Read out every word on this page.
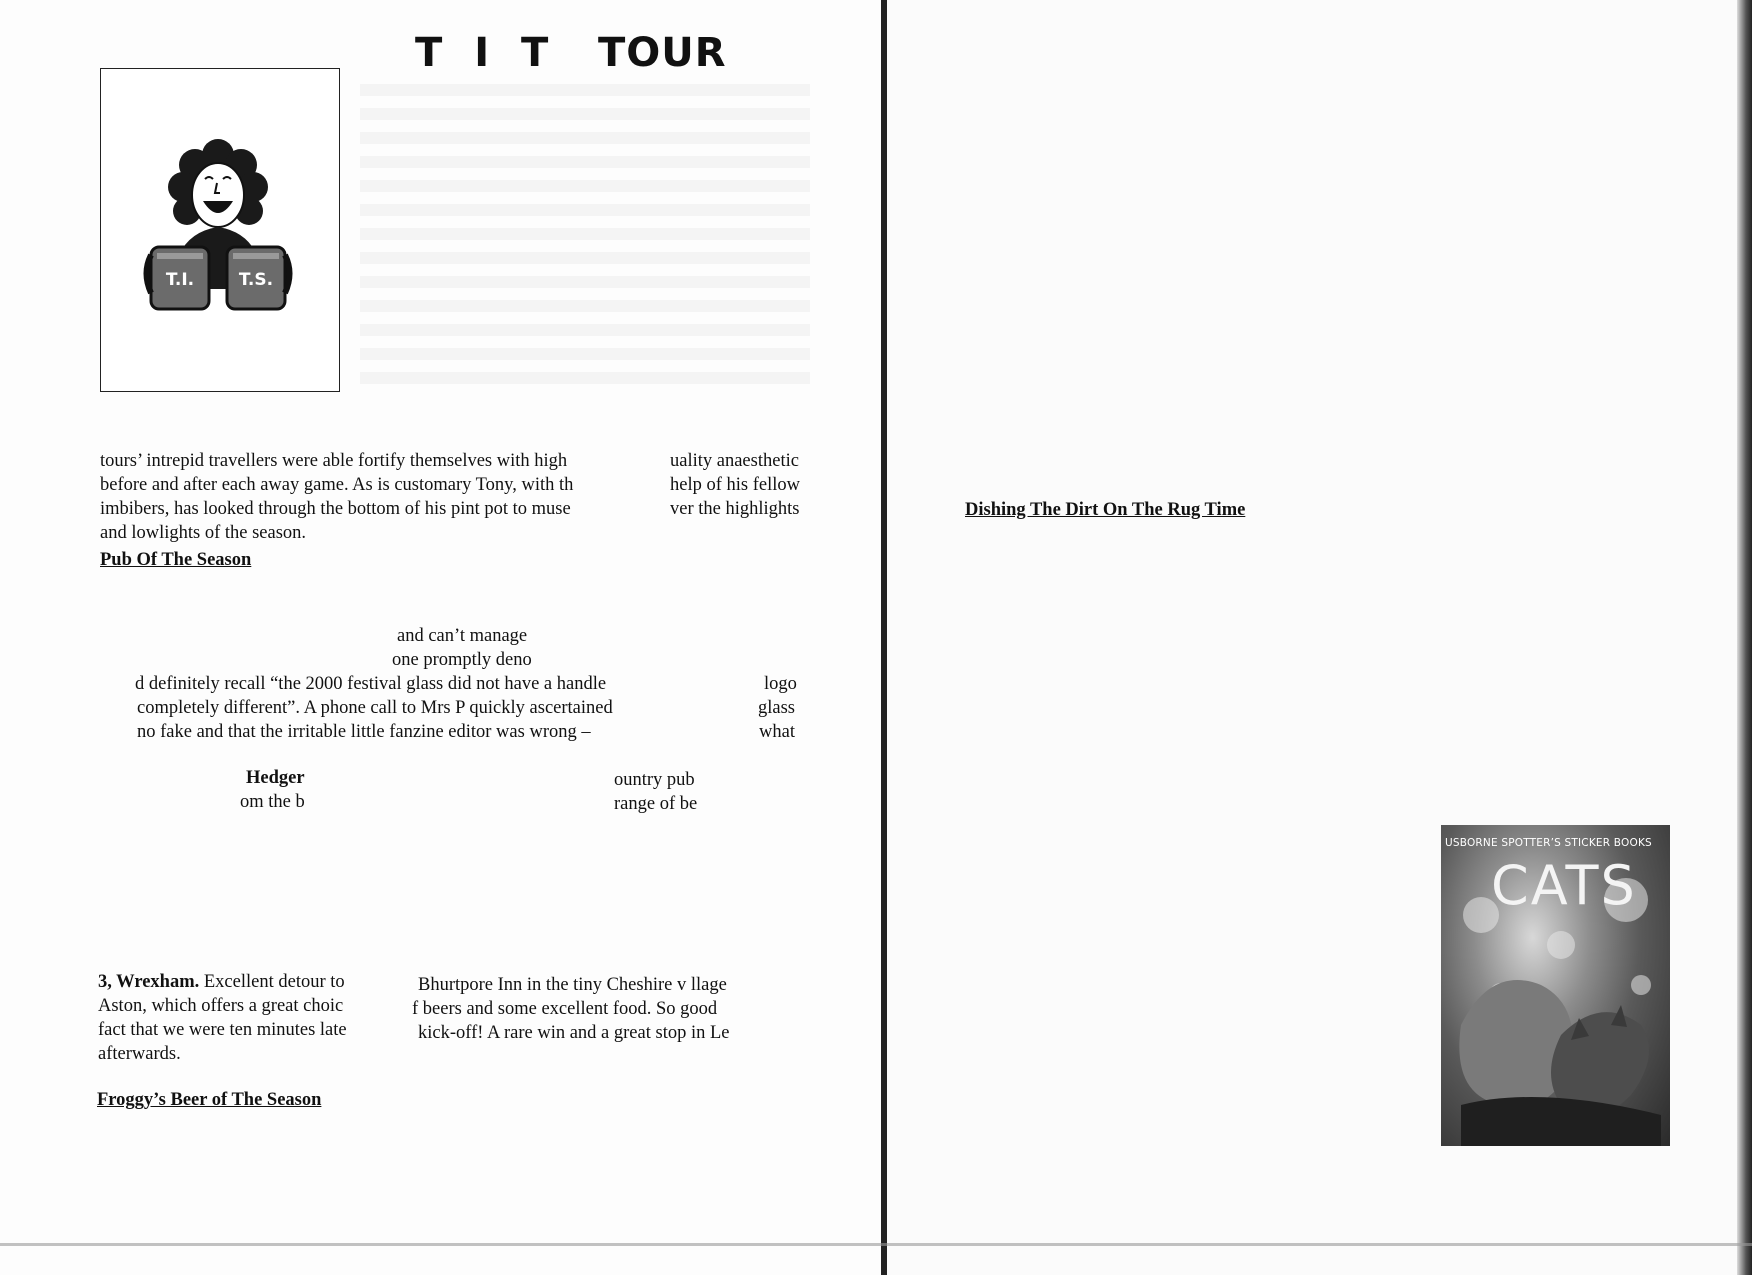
T I T TOUR
T.I.	T.S.
tours’ intrepid travellers were able fortify themselves with high
before and after each away game. As is customary Tony, with th
imbibers, has looked through the bottom of his pint pot to muse
and lowlights of the season.
uality anaesthetic
help of his fellow
ver the highlights
Pub Of The Season
and can’t manage
one promptly deno
d definitely recall “the 2000 festival glass did not have a handle
completely different”. A phone call to Mrs P quickly ascertained
no fake and that the irritable little fanzine editor was wrong –
logo
glass
what
Hedger
om the b
ountry pub
range of be
3, Wrexham. Excellent detour to
Aston, which offers a great choic
fact that we were ten minutes late
afterwards.
Bhurtpore Inn in the tiny Cheshire v llage
f beers and some excellent food. So good
kick-off! A rare win and a great stop in Le
Froggy’s Beer of The Season
Dishing The Dirt On The Rug Time
USBORNE SPOTTER’S STICKER BOOKS
CATS
